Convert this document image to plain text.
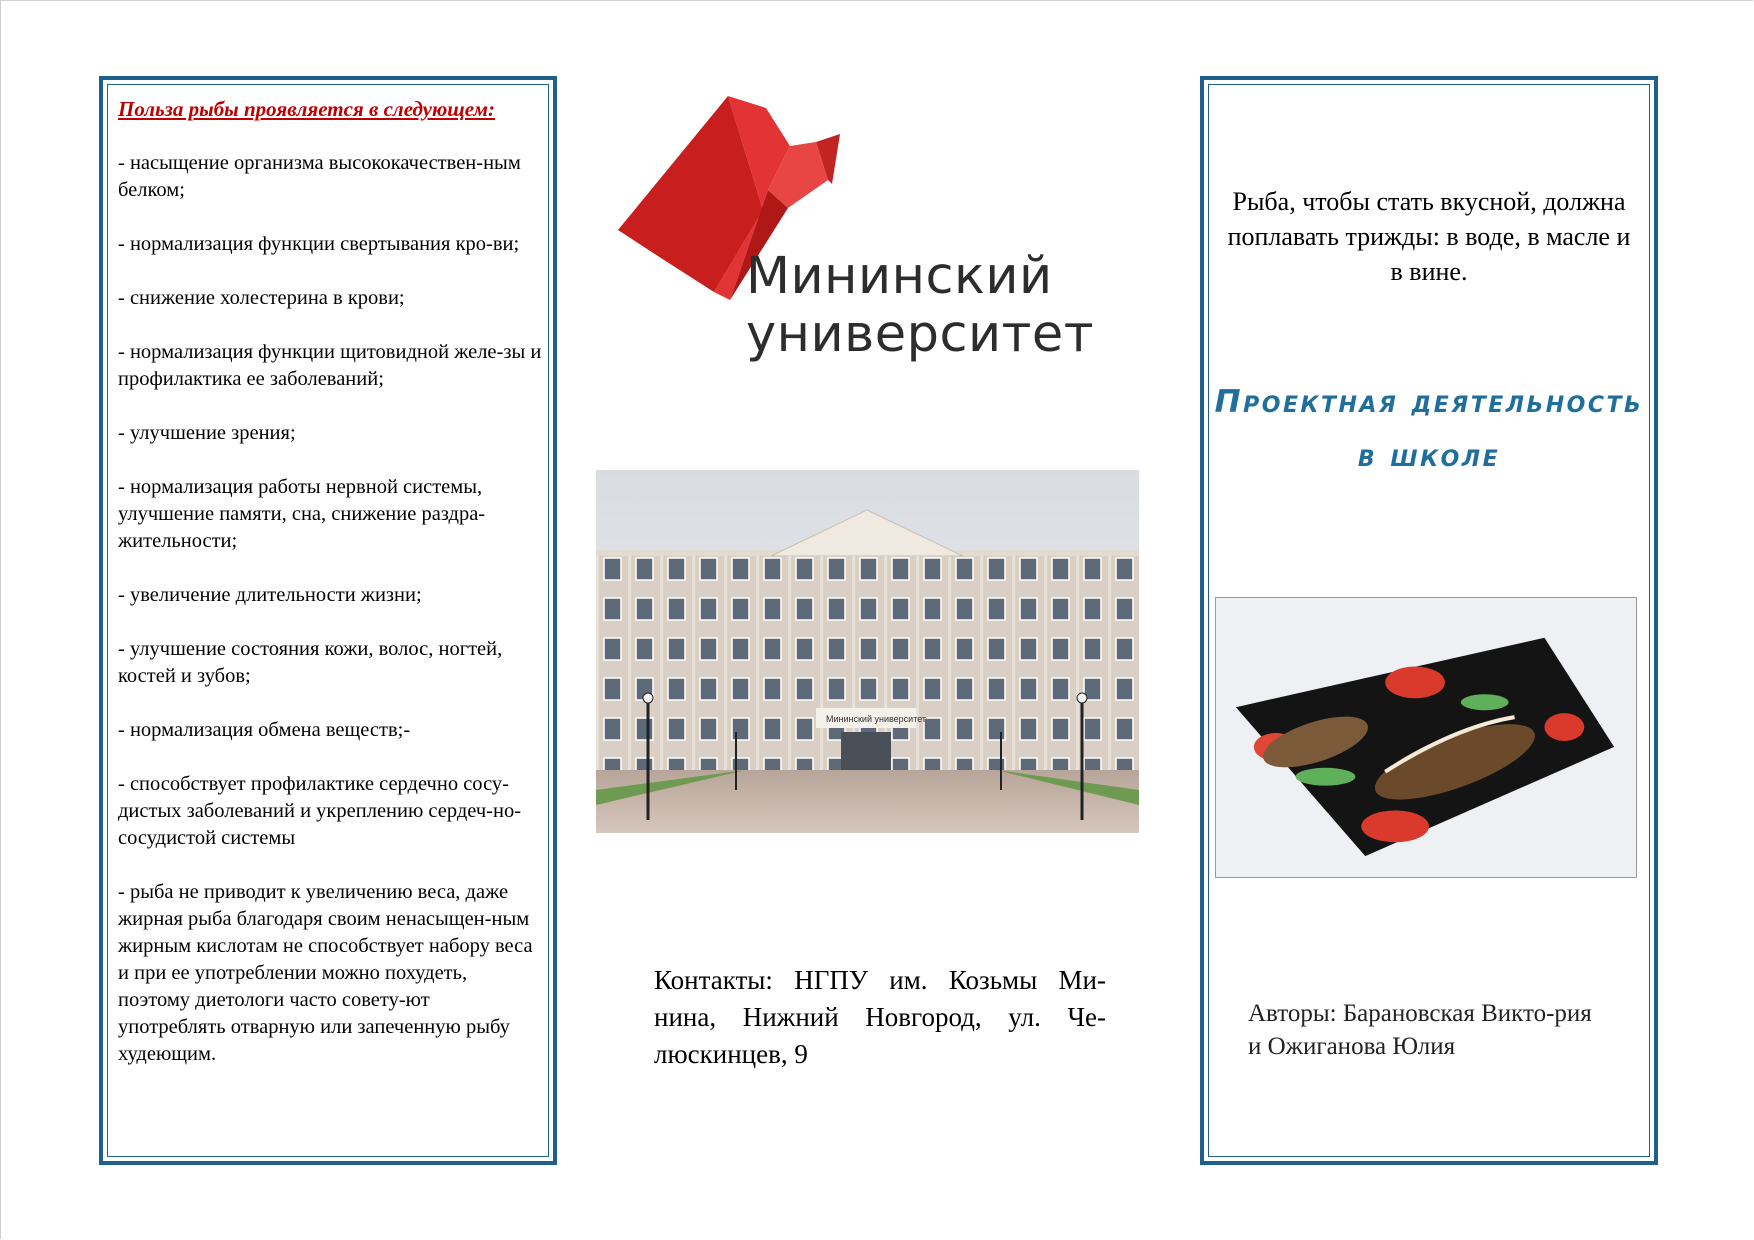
Польза рыбы проявляется в следующем:

- насыщение организма высококачествен-ным белком;

- нормализация функции свертывания кро-ви;

- снижение холестерина в крови;

- нормализация функции щитовидной желе-зы и профилактика ее заболеваний;

- улучшение зрения;

- нормализация работы нервной системы, улучшение памяти, сна, снижение раздра-жительности;

- увеличение длительности жизни;

- улучшение состояния кожи, волос, ногтей, костей и зубов;

- нормализация обмена веществ;-

- способствует профилактике сердечно сосу-дистых заболеваний и укреплению сердеч-но-сосудистой системы

- рыба не приводит к увеличению веса, даже жирная рыба благодаря своим ненасыщен-ным жирным кислотам не способствует набору веса и при ее употреблении можно похудеть, поэтому диетологи часто совету-ют употреблять отварную или запеченную рыбу худеющим.

Мининский
университет
Мининский университет
Контакты: НГПУ им. Козьмы Ми-нина, Нижний Новгород, ул. Че-люскинцев, 9
Рыба, чтобы стать вкусной, должна поплавать трижды: в воде, в масле и в вине.
Проектная деятельность в школе
Авторы: Барановская Викто-рия и Ожиганова Юлия
